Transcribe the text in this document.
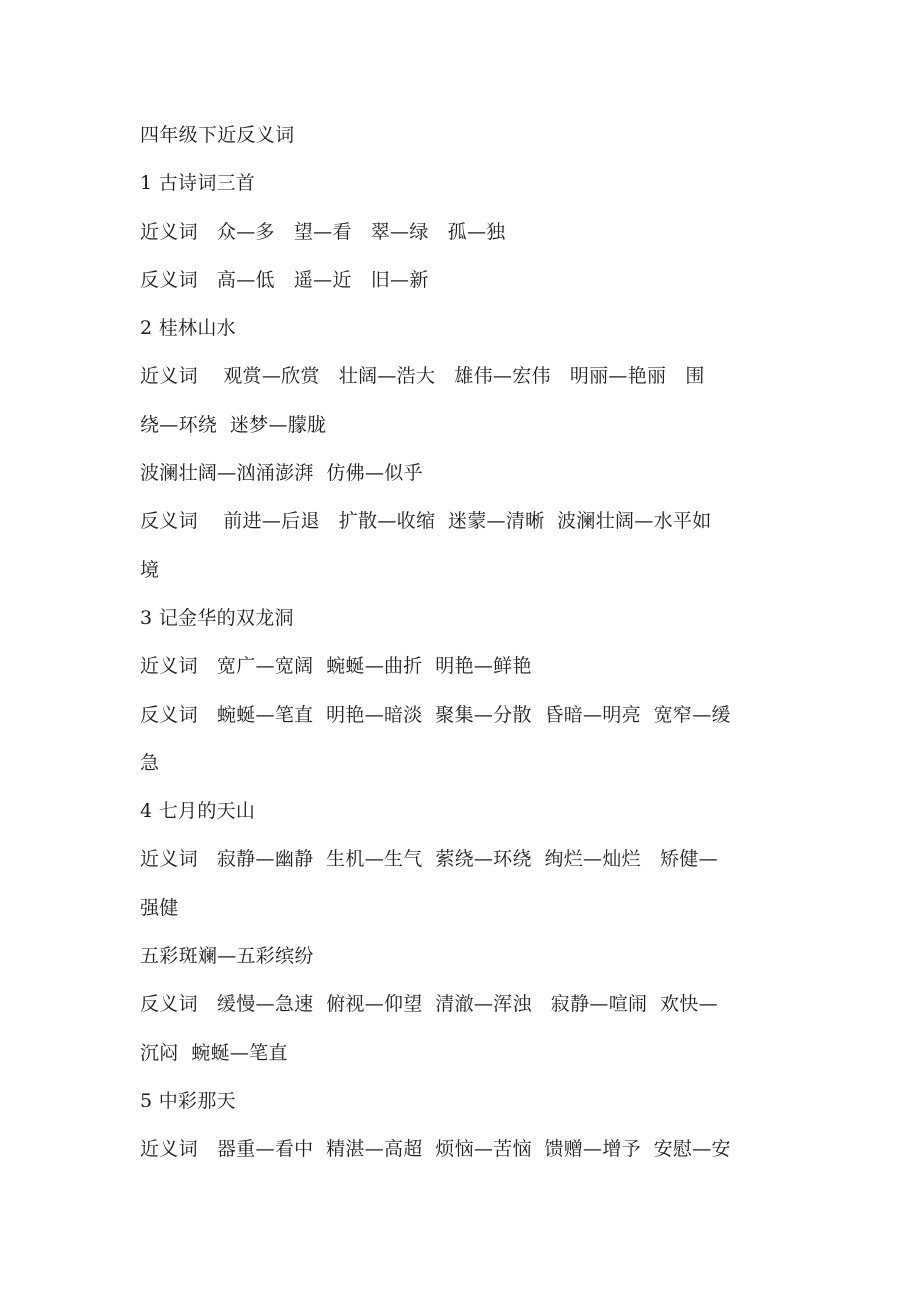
四年级下近反义词
1 古诗词三首
近义词   众—多   望—看   翠—绿   孤—独
反义词   高—低   遥—近   旧—新
2 桂林山水
近义词    观赏—欣赏   壮阔—浩大   雄伟—宏伟   明丽—艳丽   围
绕—环绕  迷梦—朦胧
波澜壮阔—汹涌澎湃  仿佛—似乎
反义词    前进—后退   扩散—收缩  迷蒙—清晰  波澜壮阔—水平如
境
3 记金华的双龙洞
近义词   宽广—宽阔  蜿蜒—曲折  明艳—鲜艳
反义词   蜿蜒—笔直  明艳—暗淡  聚集—分散  昏暗—明亮  宽窄—缓
急
4 七月的天山
近义词   寂静—幽静  生机—生气  萦绕—环绕  绚烂—灿烂   矫健—
强健
五彩斑斓—五彩缤纷
反义词   缓慢—急速  俯视—仰望  清澈—浑浊   寂静—喧闹  欢快—
沉闷  蜿蜒—笔直
5 中彩那天
近义词   器重—看中  精湛—高超  烦恼—苦恼  馈赠—增予  安慰—安
